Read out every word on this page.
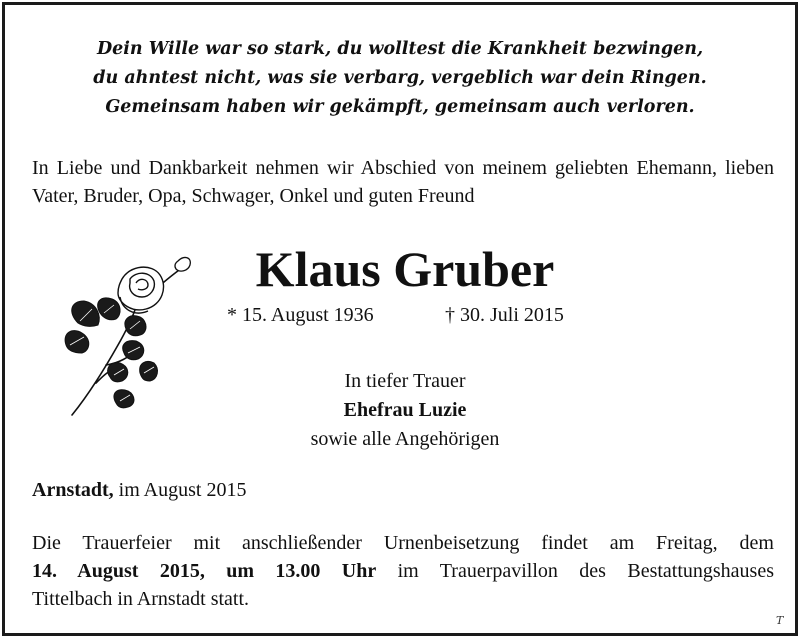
Dein Wille war so stark, du wolltest die Krankheit bezwingen,
du ahntest nicht, was sie verbarg, vergeblich war dein Ringen.
Gemeinsam haben wir gekämpft, gemeinsam auch verloren.
In Liebe und Dankbarkeit nehmen wir Abschied von meinem geliebten Ehemann, lieben Vater, Bruder, Opa, Schwager, Onkel und guten Freund
Klaus Gruber
* 15. August 1936	† 30. Juli 2015
In tiefer Trauer
Ehefrau Luzie
sowie alle Angehörigen
Arnstadt, im August 2015
Die Trauerfeier mit anschließender Urnenbeisetzung findet am Freitag, dem
14. August 2015, um 13.00 Uhr im Trauerpavillon des Bestattungshauses
Tittelbach in Arnstadt statt.
T
